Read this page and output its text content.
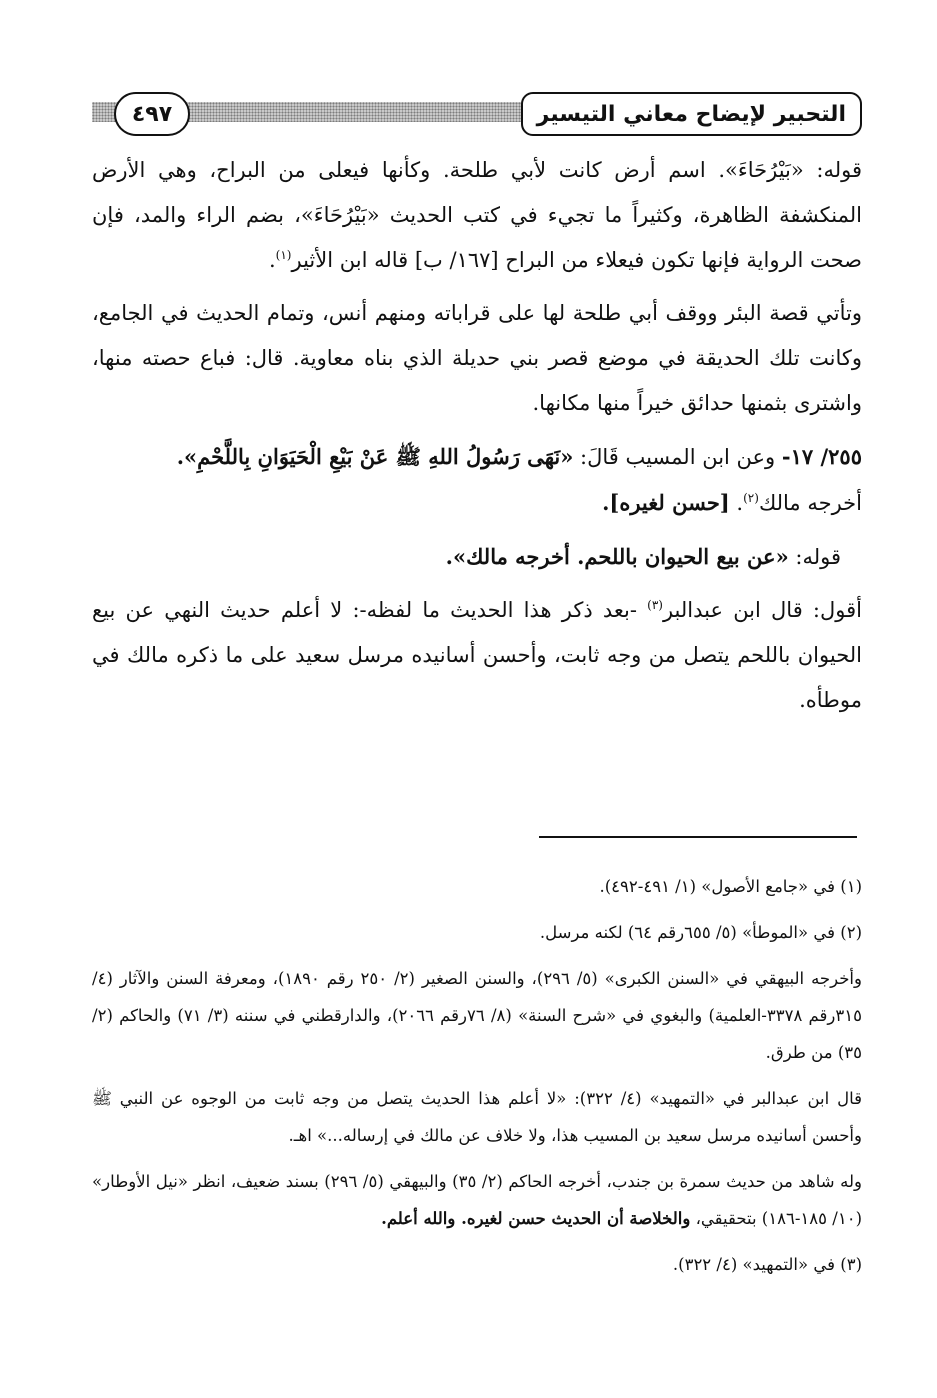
التحبير لإيضاح معاني التيسير
٤٩٧

قوله: «بَيْرُحَاءَ». اسم أرض كانت لأبي طلحة. وكأنها فيعلى من البراح، وهي الأرض المنكشفة الظاهرة، وكثيراً ما تجيء في كتب الحديث «بَيْرُحَاءَ»، بضم الراء والمد، فإن صحت الرواية فإنها تكون فيعلاء من البراح [١٦٧/ ب] قاله ابن الأثير$^{(١)}$.

وتأتي قصة البئر ووقف أبي طلحة لها على قراباته ومنهم أنس، وتمام الحديث في الجامع، وكانت تلك الحديقة في موضع قصر بني حديلة الذي بناه معاوية. قال: فباع حصته منها، واشترى بثمنها حدائق خيراً منها مكانها.

٢٥٥/ ١٧- وعن ابن المسيب قَالَ: «نَهَى رَسُولُ اللهِ ﷺ عَنْ بَيْعِ الْحَيَوَانِ بِاللَّحْمِ».

أخرجه مالك$^{(٢)}$. [حسن لغيره].

 قوله: «عن بيع الحيوان باللحم. أخرجه مالك».

أقول: قال ابن عبدالبر$^{(٣)}$ -بعد ذكر هذا الحديث ما لفظه-: لا أعلم حديث النهي عن بيع الحيوان باللحم يتصل من وجه ثابت، وأحسن أسانيده مرسل سعيد على ما ذكره مالك في موطأه.

(١) في «جامع الأصول» (١/ ٤٩١-٤٩٢).

(٢) في «الموطأ» (٥/ ٦٥٥رقم ٦٤) لكنه مرسل.

وأخرجه البيهقي في «السنن الكبرى» (٥/ ٢٩٦)، والسنن الصغير (٢/ ٢٥٠ رقم ١٨٩٠)، ومعرفة السنن والآثار (٤/ ٣١٥رقم ٣٣٧٨-العلمية) والبغوي في «شرح السنة» (٨/ ٧٦رقم ٢٠٦٦)، والدارقطني في سننه (٣/ ٧١) والحاكم (٢/ ٣٥) من طرق.

قال ابن عبدالبر في «التمهيد» (٤/ ٣٢٢): «لا أعلم هذا الحديث يتصل من وجه ثابت من الوجوه عن النبي ﷺ وأحسن أسانيده مرسل سعيد بن المسيب هذا، ولا خلاف عن مالك في إرساله...» اهـ.

وله شاهد من حديث سمرة بن جندب، أخرجه الحاكم (٢/ ٣٥) والبيهقي (٥/ ٢٩٦) بسند ضعيف، انظر «نيل الأوطار» (١٠/ ١٨٥-١٨٦) بتحقيقي، والخلاصة أن الحديث حسن لغيره. والله أعلم.

(٣) في «التمهيد» (٤/ ٣٢٢).
